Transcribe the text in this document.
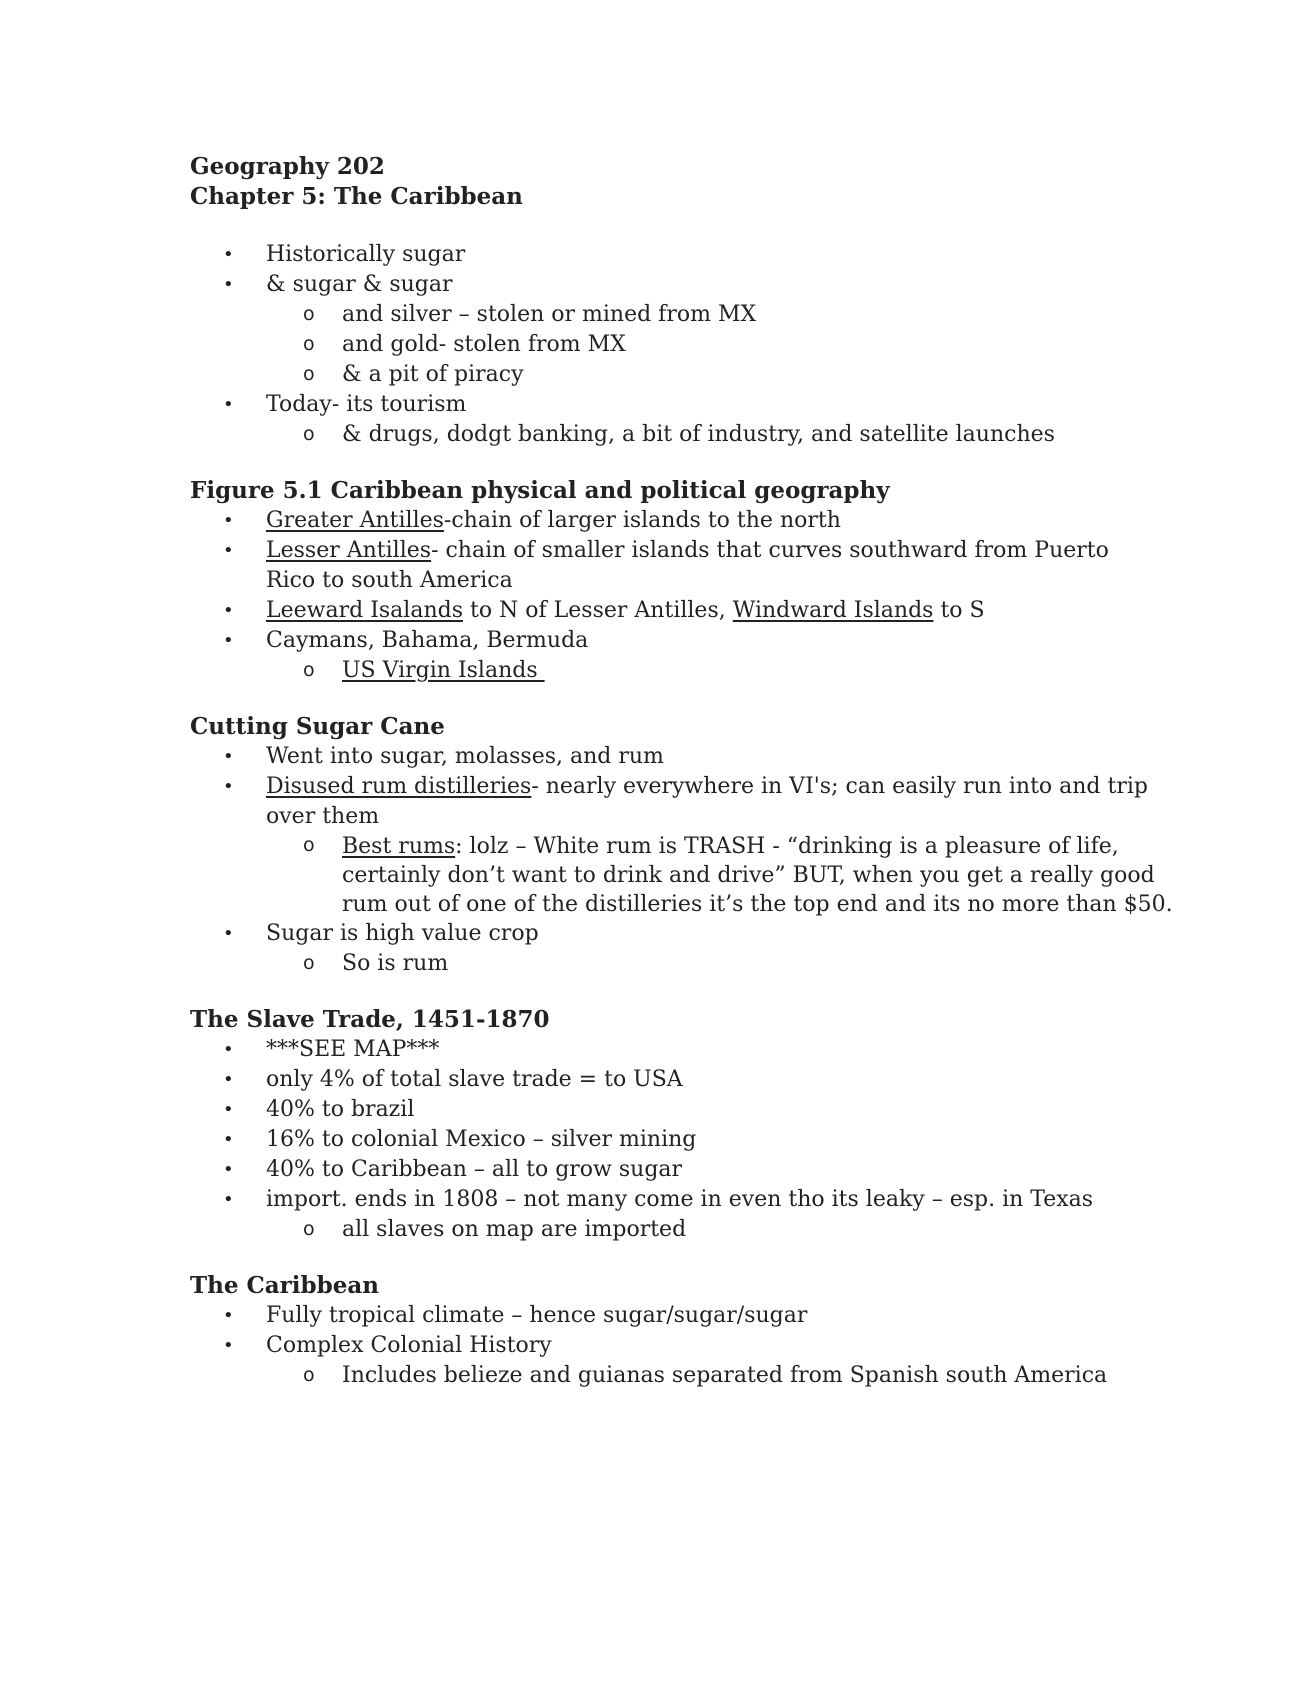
Geography 202

Chapter 5: The Caribbean

• Historically sugar
• & sugar & sugar
o and silver – stolen or mined from MX
o and gold- stolen from MX
o & a pit of piracy
• Today- its tourism
o & drugs, dodgt banking, a bit of industry, and satellite launches

Figure 5.1 Caribbean physical and political geography

• Greater Antilles-chain of larger islands to the north
• Lesser Antilles- chain of smaller islands that curves southward from Puerto Rico to south America
• Leeward Isalands to N of Lesser Antilles, Windward Islands to S
• Caymans, Bahama, Bermuda
o US Virgin Islands

Cutting Sugar Cane

• Went into sugar, molasses, and rum
• Disused rum distilleries- nearly everywhere in VI's; can easily run into and trip over them
o Best rums: lolz – White rum is TRASH - “drinking is a pleasure of life, certainly don’t want to drink and drive” BUT, when you get a really good rum out of one of the distilleries it’s the top end and its no more than $50.
• Sugar is high value crop
o So is rum

The Slave Trade, 1451-1870

• ***SEE MAP***
• only 4% of total slave trade = to USA
• 40% to brazil
• 16% to colonial Mexico – silver mining
• 40% to Caribbean – all to grow sugar
• import. ends in 1808 – not many come in even tho its leaky – esp. in Texas
o all slaves on map are imported

The Caribbean

• Fully tropical climate – hence sugar/sugar/sugar
• Complex Colonial History
o Includes belieze and guianas separated from Spanish south America
